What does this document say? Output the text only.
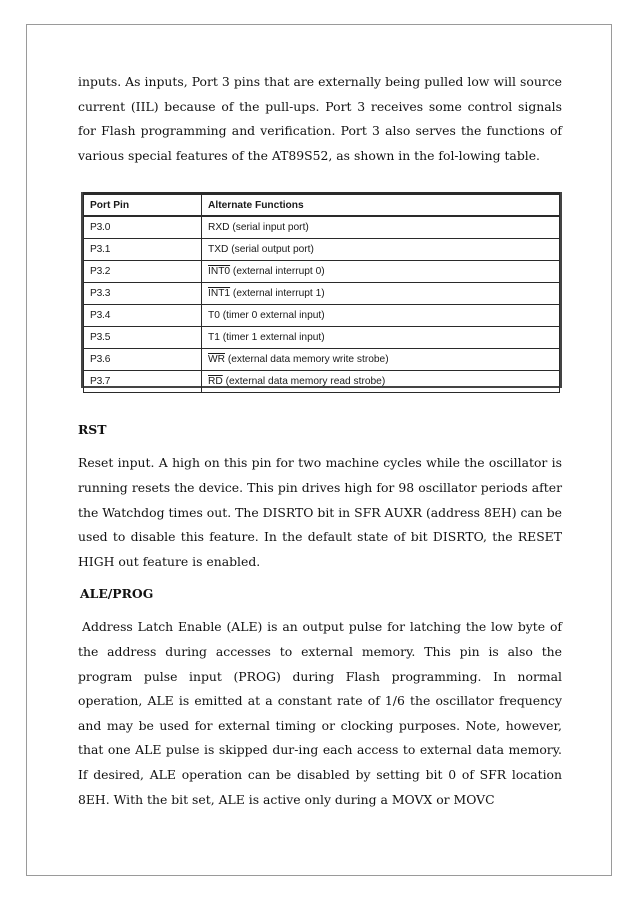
inputs. As inputs, Port 3 pins that are externally being pulled low will source current (IIL) because of the pull-ups. Port 3 receives some control signals for Flash programming and verification. Port 3 also serves the functions of various special features of the AT89S52, as shown in the fol-lowing table.

Port Pin	Alternate Functions
P3.0	RXD (serial input port)
P3.1	TXD (serial output port)
P3.2	INT0 (external interrupt 0)
P3.3	INT1 (external interrupt 1)
P3.4	T0 (timer 0 external input)
P3.5	T1 (timer 1 external input)
P3.6	$\overline{WR}$ (external data memory write strobe)
P3.7	$\overline{RD}$ (external data memory read strobe)

RST

Reset input. A high on this pin for two machine cycles while the oscillator is running resets the device. This pin drives high for 98 oscillator periods after the Watchdog times out. The DISRTO bit in SFR AUXR (address 8EH) can be used to disable this feature. In the default state of bit DISRTO, the RESET HIGH out feature is enabled.

ALE/PROG

Address Latch Enable (ALE) is an output pulse for latching the low byte of the address during accesses to external memory. This pin is also the program pulse input (PROG) during Flash programming. In normal operation, ALE is emitted at a constant rate of 1/6 the oscillator frequency and may be used for external timing or clocking purposes. Note, however, that one ALE pulse is skipped dur-ing each access to external data memory. If desired, ALE operation can be disabled by setting bit 0 of SFR location 8EH. With the bit set, ALE is active only during a MOVX or MOVC
